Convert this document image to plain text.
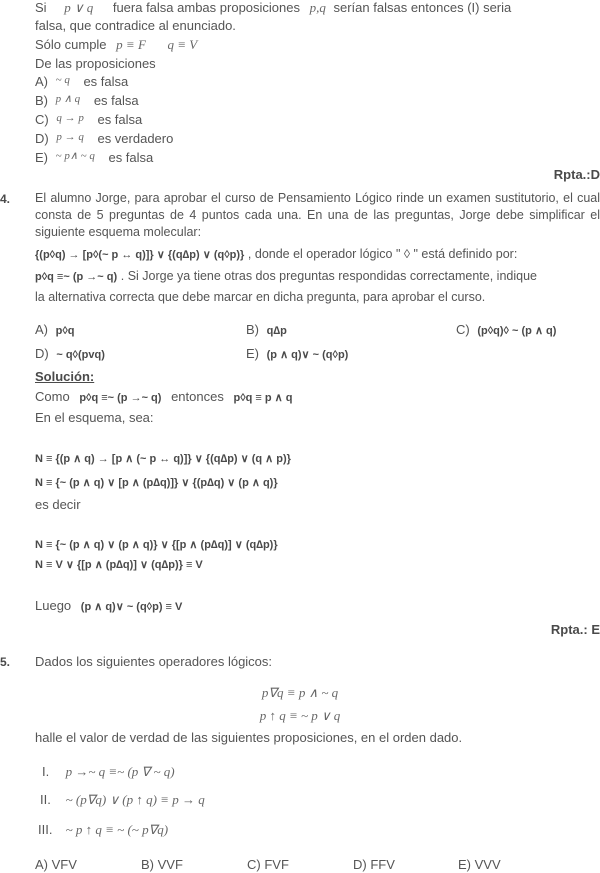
Si p ∨ q fuera falsa ambas proposiciones p,q serían falsas entonces (I) seria
falsa, que contradice al enunciado.
Sólo cumple p ≡ F q ≡ V
De las proposiciones
A) $^{\sim q}$ es falsa
B) $^{p \wedge q}$ es falsa
C) $^{q \to p}$ es falsa
D) $^{p \to q}$ es verdadero
E) $^{\sim p\wedge \sim q}$ es falsa
Rpta.:D
4. El alumno Jorge, para aprobar el curso de Pensamiento Lógico rinde un examen sustitutorio, el cual consta de 5 preguntas de 4 puntos cada una. En una de las preguntas, Jorge debe simplificar el siguiente esquema molecular:
{(p◊q) → [p◊(~ p ↔ q)]} ∨ {(q∆p) ∨ (q◊p)} , donde el operador lógico " ◊ " está definido por:
p◊q ≡~ (p →~ q) . Si Jorge ya tiene otras dos preguntas respondidas correctamente, indique
la alternativa correcta que debe marcar en dicha pregunta, para aprobar el curso.
A) p◊q	B) q∆p	C) (p◊q)◊ ~ (p ∧ q)
D) ~ q◊(pvq)	E) (p ∧ q)∨ ~ (q◊p)
Solución:
Como p◊q ≡~ (p →~ q) entonces p◊q ≡ p ∧ q
En el esquema, sea:
N ≡ {(p ∧ q) → [p ∧ (~ p ↔ q)]} ∨ {(q∆p) ∨ (q ∧ p)}
N ≡ {~ (p ∧ q) ∨ [p ∧ (p∆q)]} ∨ {(p∆q) ∨ (p ∧ q)}
es decir
N ≡ {~ (p ∧ q) ∨ (p ∧ q)} ∨ {[p ∧ (p∆q)] ∨ (q∆p)}
N ≡ V ∨ {[p ∧ (p∆q)] ∨ (q∆p)} ≡ V
Luego (p ∧ q)∨ ~ (q◊p) ≡ V
Rpta.: E
5. Dados los siguientes operadores lógicos:
p∇q ≡ p ∧ ~ q
p ↑ q ≡ ~ p ∨ q
halle el valor de verdad de las siguientes proposiciones, en el orden dado.
I. p →~ q ≡~ (p ∇ ~ q)
II. ~ (p∇q) ∨ (p ↑ q) ≡ p → q
III. ~ p ↑ q ≡ ~ (~ p∇q)
A) VFV	B) VVF	C) FVF	D) FFV	E) VVV
